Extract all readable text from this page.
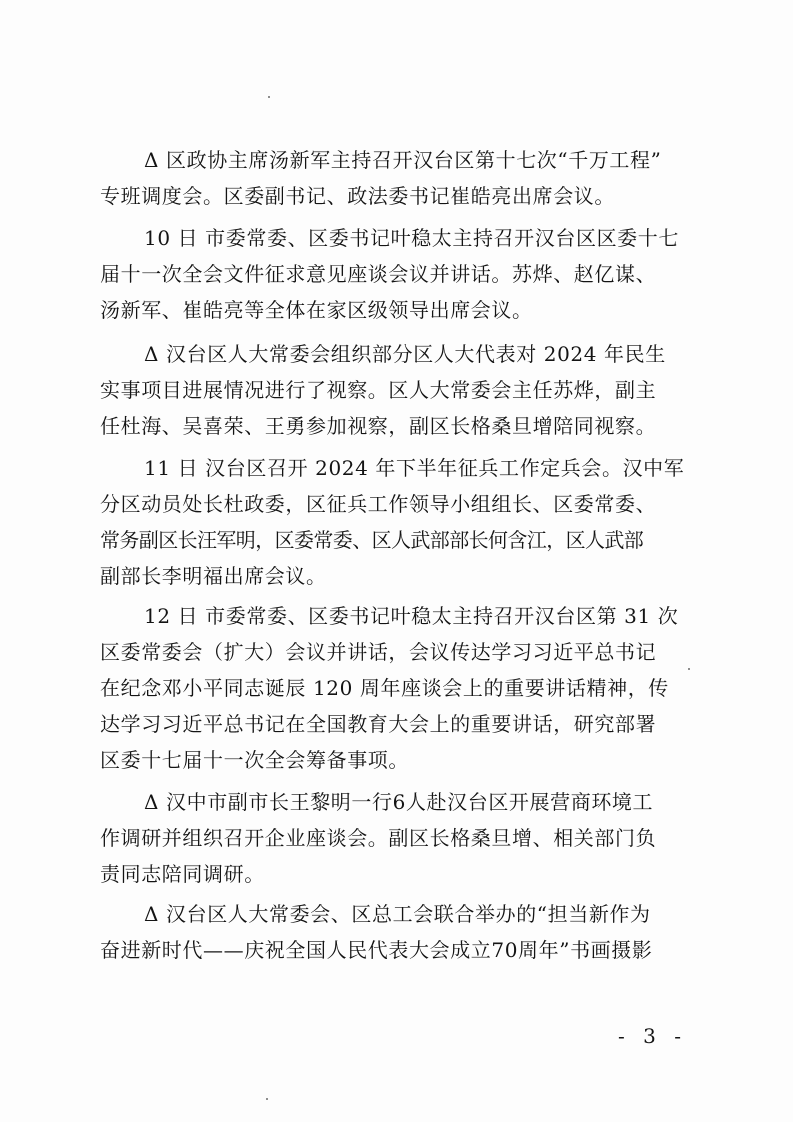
Δ 区政协主席汤新军主持召开汉台区第十七次“千万工程”
专班调度会。区委副书记、政法委书记崔皓亮出席会议。
10 日 市委常委、区委书记叶稳太主持召开汉台区区委十七
届十一次全会文件征求意见座谈会议并讲话。苏烨、赵亿谋、
汤新军、崔皓亮等全体在家区级领导出席会议。
Δ 汉台区人大常委会组织部分区人大代表对 2024 年民生
实事项目进展情况进行了视察。区人大常委会主任苏烨，副主
任杜海、吴喜荣、王勇参加视察，副区长格桑旦增陪同视察。
11 日 汉台区召开 2024 年下半年征兵工作定兵会。汉中军
分区动员处长杜政委，区征兵工作领导小组组长、区委常委、
常务副区长汪军明，区委常委、区人武部部长何含江，区人武部
副部长李明福出席会议。
12 日 市委常委、区委书记叶稳太主持召开汉台区第 31 次
区委常委会（扩大）会议并讲话，会议传达学习习近平总书记
在纪念邓小平同志诞辰 120 周年座谈会上的重要讲话精神，传
达学习习近平总书记在全国教育大会上的重要讲话，研究部署
区委十七届十一次全会筹备事项。
Δ 汉中市副市长王黎明一行6人赴汉台区开展营商环境工
作调研并组织召开企业座谈会。副区长格桑旦增、相关部门负
责同志陪同调研。
Δ 汉台区人大常委会、区总工会联合举办的“担当新作为
奋进新时代——庆祝全国人民代表大会成立70周年”书画摄影
- 3 -
